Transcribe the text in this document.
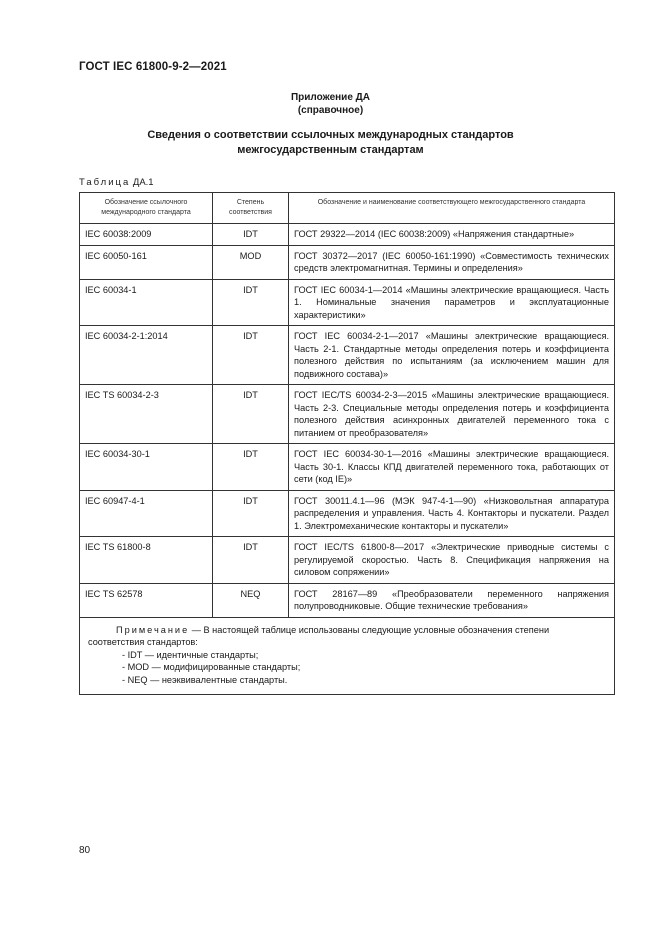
ГОСТ IEC 61800-9-2—2021
Приложение ДА
(справочное)
Сведения о соответствии ссылочных международных стандартов
межгосударственным стандартам
Таблица ДА.1
Обозначение ссылочного международного стандарта	Степень соответствия	Обозначение и наименование соответствующего межгосударственного стандарта
IEC 60038:2009	IDT	ГОСТ 29322—2014 (IEC 60038:2009) «Напряжения стандартные»
IEC 60050-161	MOD	ГОСТ 30372—2017 (IEC 60050-161:1990) «Совместимость технических средств электромагнитная. Термины и определения»
IEC 60034-1	IDT	ГОСТ IEC 60034-1—2014 «Машины электрические вращающиеся. Часть 1. Номинальные значения параметров и эксплуатационные характеристики»
IEC 60034-2-1:2014	IDT	ГОСТ IEC 60034-2-1—2017 «Машины электрические вращающиеся. Часть 2-1. Стандартные методы определения потерь и коэффициента полезного действия по испытаниям (за исключением машин для подвижного состава)»
IEC TS 60034-2-3	IDT	ГОСТ IEC/TS 60034-2-3—2015 «Машины электрические вращающиеся. Часть 2-3. Специальные методы определения потерь и коэффициента полезного действия асинхронных двигателей переменного тока с питанием от преобразователя»
IEC 60034-30-1	IDT	ГОСТ IEC 60034-30-1—2016 «Машины электрические вращающиеся. Часть 30-1. Классы КПД двигателей переменного тока, работающих от сети (код IE)»
IEC 60947-4-1	IDT	ГОСТ 30011.4.1—96 (МЭК 947-4-1—90) «Низковольтная аппаратура распределения и управления. Часть 4. Контакторы и пускатели. Раздел 1. Электромеханические контакторы и пускатели»
IEC TS 61800-8	IDT	ГОСТ IEC/TS 61800-8—2017 «Электрические приводные системы с регулируемой скоростью. Часть 8. Спецификация напряжения на силовом сопряжении»
IEC TS 62578	NEQ	ГОСТ 28167—89 «Преобразователи переменного напряжения полупроводниковые. Общие технические требования»

Примечание — В настоящей таблице использованы следующие условные обозначения степени соответствия стандартов:
- IDT — идентичные стандарты;
- MOD — модифицированные стандарты;
- NEQ — неэквивалентные стандарты.		
80
